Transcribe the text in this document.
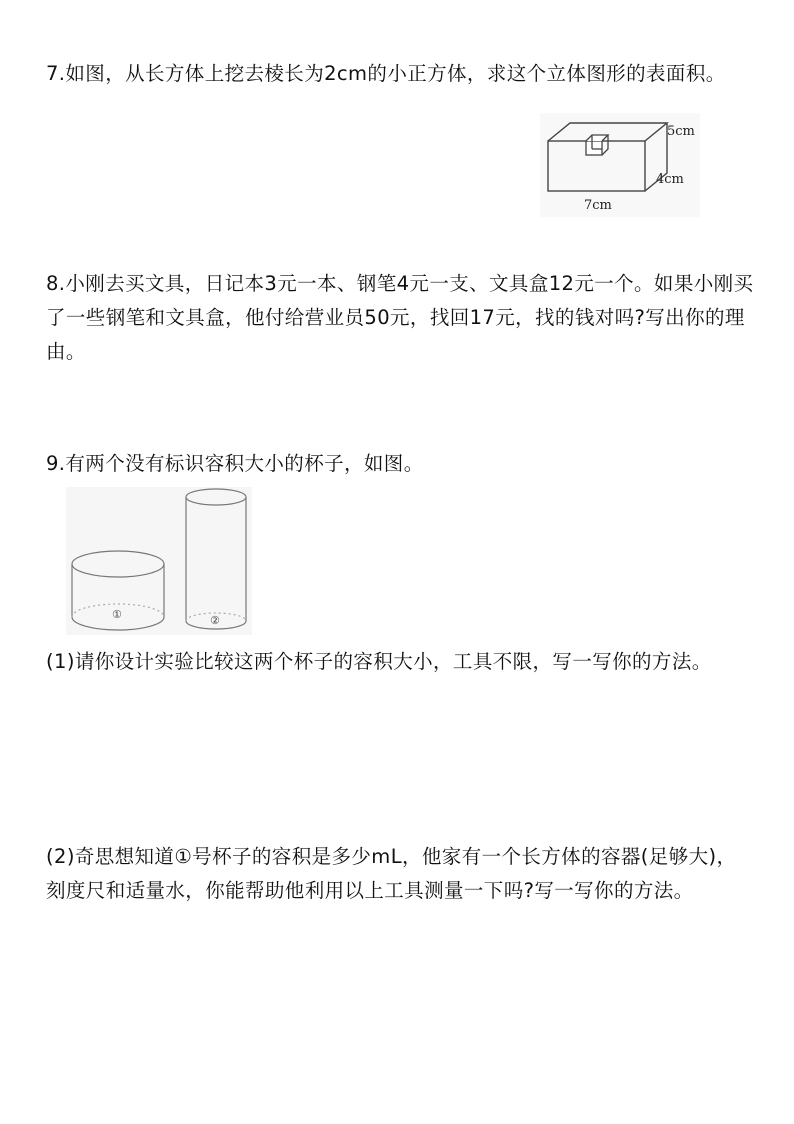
7.如图，从长方体上挖去棱长为2cm的小正方体，求这个立体图形的表面积。
5cm
4cm
7cm
8.小刚去买文具，日记本3元一本、钢笔4元一支、文具盒12元一个。如果小刚买了一些钢笔和文具盒，他付给营业员50元，找回17元，找的钱对吗?写出你的理由。
9.有两个没有标识容积大小的杯子，如图。
①	②
(1)请你设计实验比较这两个杯子的容积大小，工具不限，写一写你的方法。
(2)奇思想知道①号杯子的容积是多少mL，他家有一个长方体的容器(足够大)，刻度尺和适量水，你能帮助他利用以上工具测量一下吗?写一写你的方法。
